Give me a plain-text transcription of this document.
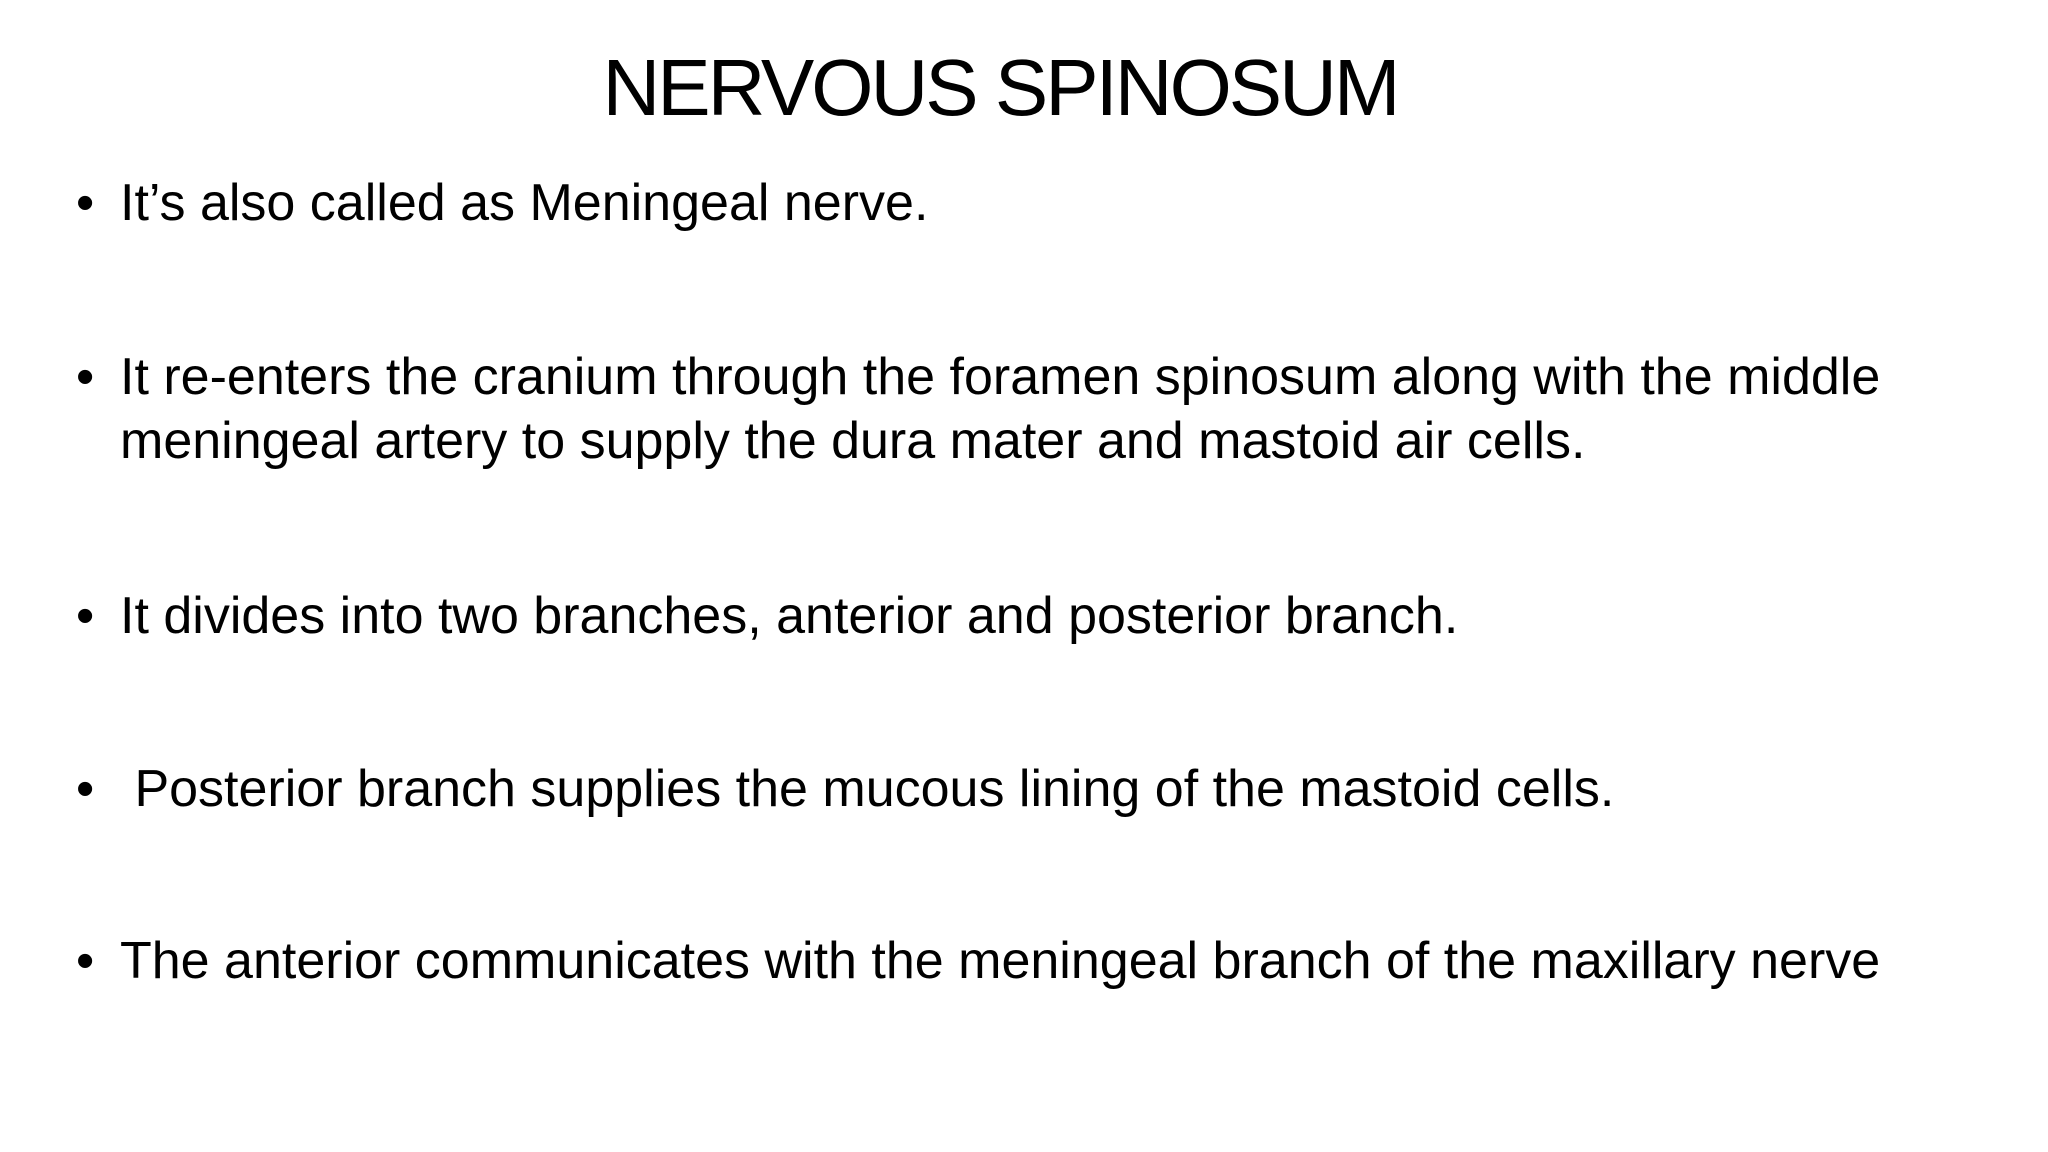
NERVOUS SPINOSUM
• It’s also called as Meningeal nerve.
• It re-enters the cranium through the foramen spinosum along with the middle meningeal artery to supply the dura mater and mastoid air cells.
• It divides into two branches, anterior and posterior branch.
• Posterior branch supplies the mucous lining of the mastoid cells.
• The anterior communicates with the meningeal branch of the maxillary nerve
